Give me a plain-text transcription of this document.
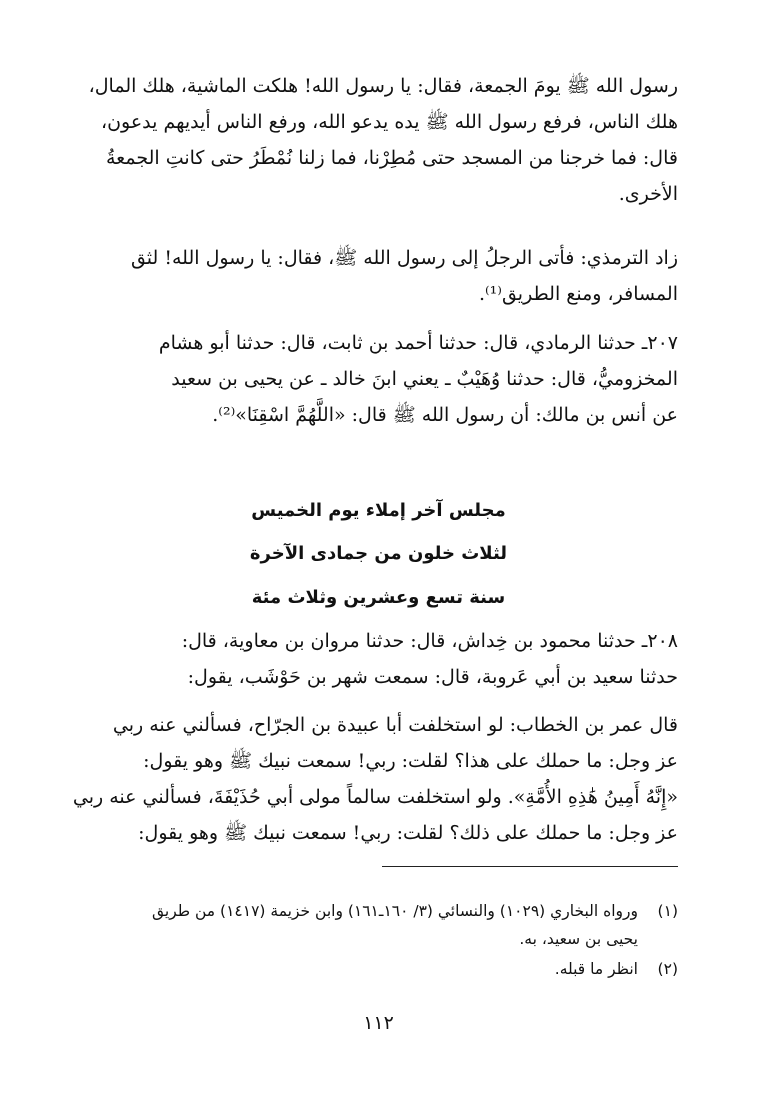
رسول الله ﷺ يومَ الجمعة، فقال: يا رسول الله! هلكت الماشية، هلك المال،
هلك الناس، فرفع رسول الله ﷺ يده يدعو الله، ورفع الناس أيديهم يدعون،
قال: فما خرجنا من المسجد حتى مُطِرْنا، فما زلنا نُمْطَرُ حتى كانتِ الجمعةُ
الأخرى.

زاد الترمذي: فأتى الرجلُ إلى رسول الله ﷺ، فقال: يا رسول الله! لثق
المسافر، ومنع الطريق⁽¹⁾.

٢٠٧ـ حدثنا الرمادي، قال: حدثنا أحمد بن ثابت، قال: حدثنا أبو هشام
المخزوميُّ، قال: حدثنا وُهَيْبٌ ـ يعني ابنَ خالد ـ عن يحيى بن سعيد
عن أنس بن مالك: أن رسول الله ﷺ قال: «اللَّهُمَّ اسْقِنَا»⁽²⁾.

مجلس آخر إملاء يوم الخميس

لثلاث خلون من جمادى الآخرة

سنة تسع وعشرين وثلاث مئة

٢٠٨ـ حدثنا محمود بن خِداش، قال: حدثنا مروان بن معاوية، قال:
حدثنا سعيد بن أبي عَروبة، قال: سمعت شهر بن حَوْشَب، يقول:

قال عمر بن الخطاب: لو استخلفت أبا عبيدة بن الجرّاح، فسألني عنه ربي
عز وجل: ما حملك على هذا؟ لقلت: ربي! سمعت نبيك ﷺ وهو يقول:
«إِنَّهُ أَمِينُ هَٰذِهِ الأُمَّةِ». ولو استخلفت سالماً مولى أبي حُذَيْفَةَ، فسألني عنه ربي
عز وجل: ما حملك على ذلك؟ لقلت: ربي! سمعت نبيك ﷺ وهو يقول:

(١)ورواه البخاري (١٠٢٩) والنسائي (٣/ ١٦٠ـ١٦١) وابن خزيمة (١٤١٧) من طريق
يحيى بن سعيد، به.
(٢)انظر ما قبله.
١١٢
